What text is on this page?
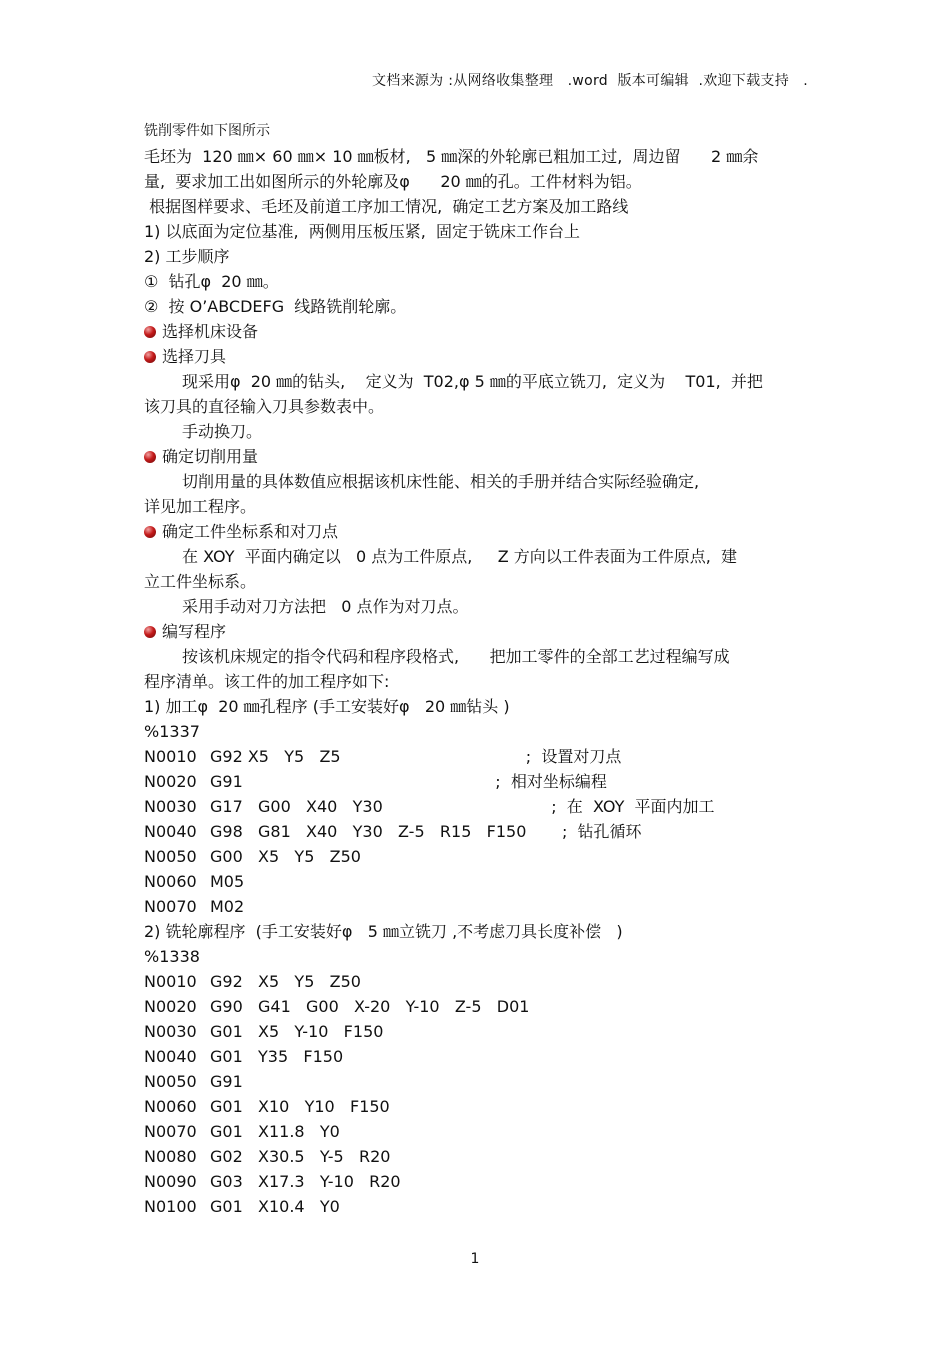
文档来源为 :从网络收集整理   .word  版本可编辑  .欢迎下载支持   .
铣削零件如下图所示
毛坯为  120 ㎜× 60 ㎜× 10 ㎜板材,   5 ㎜深的外轮廓已粗加工过,  周边留      2 ㎜余
量,  要求加工出如图所示的外轮廓及φ      20 ㎜的孔。工件材料为铝。
根据图样要求、毛坯及前道工序加工情况,  确定工艺方案及加工路线
1) 以底面为定位基准,  两侧用压板压紧,  固定于铣床工作台上
2) 工步顺序
①  钻孔φ  20 ㎜。
②  按 O’ABCDEFG  线路铣削轮廓。
选择机床设备
选择刀具
现采用φ  20 ㎜的钻头,    定义为  T02,φ 5 ㎜的平底立铣刀,  定义为    T01,  并把
该刀具的直径输入刀具参数表中。
手动换刀。
确定切削用量
切削用量的具体数值应根据该机床性能、相关的手册并结合实际经验确定,
详见加工程序。
确定工件坐标系和对刀点
在 XOY  平面内确定以   0 点为工件原点,     Z 方向以工件表面为工件原点,  建
立工件坐标系。
采用手动对刀方法把   0 点作为对刀点。
编写程序
按该机床规定的指令代码和程序段格式,      把加工零件的全部工艺过程编写成
程序清单。该工件的加工程序如下:
1) 加工φ  20 ㎜孔程序 (手工安装好φ   20 ㎜钻头 )
%1337
N0010 G92 X5   Y5   Z5	;  设置对刀点
N0020 G91	;  相对坐标编程
N0030 G17   G00   X40   Y30	;  在  XOY  平面内加工
N0040 G98   G81   X40   Y30   Z-5   R15   F150 ;  钻孔循环
N0050 G00   X5   Y5   Z50
N0060 M05
N0070 M02
2) 铣轮廓程序  (手工安装好φ   5 ㎜立铣刀 ,不考虑刀具长度补偿   )
%1338
N0010 G92   X5   Y5   Z50
N0020 G90   G41   G00   X-20   Y-10   Z-5   D01
N0030 G01   X5   Y-10   F150
N0040 G01   Y35   F150
N0050 G91
N0060 G01   X10   Y10   F150
N0070 G01   X11.8   Y0
N0080 G02   X30.5   Y-5   R20
N0090 G03   X17.3   Y-10   R20
N0100 G01   X10.4   Y0
1
